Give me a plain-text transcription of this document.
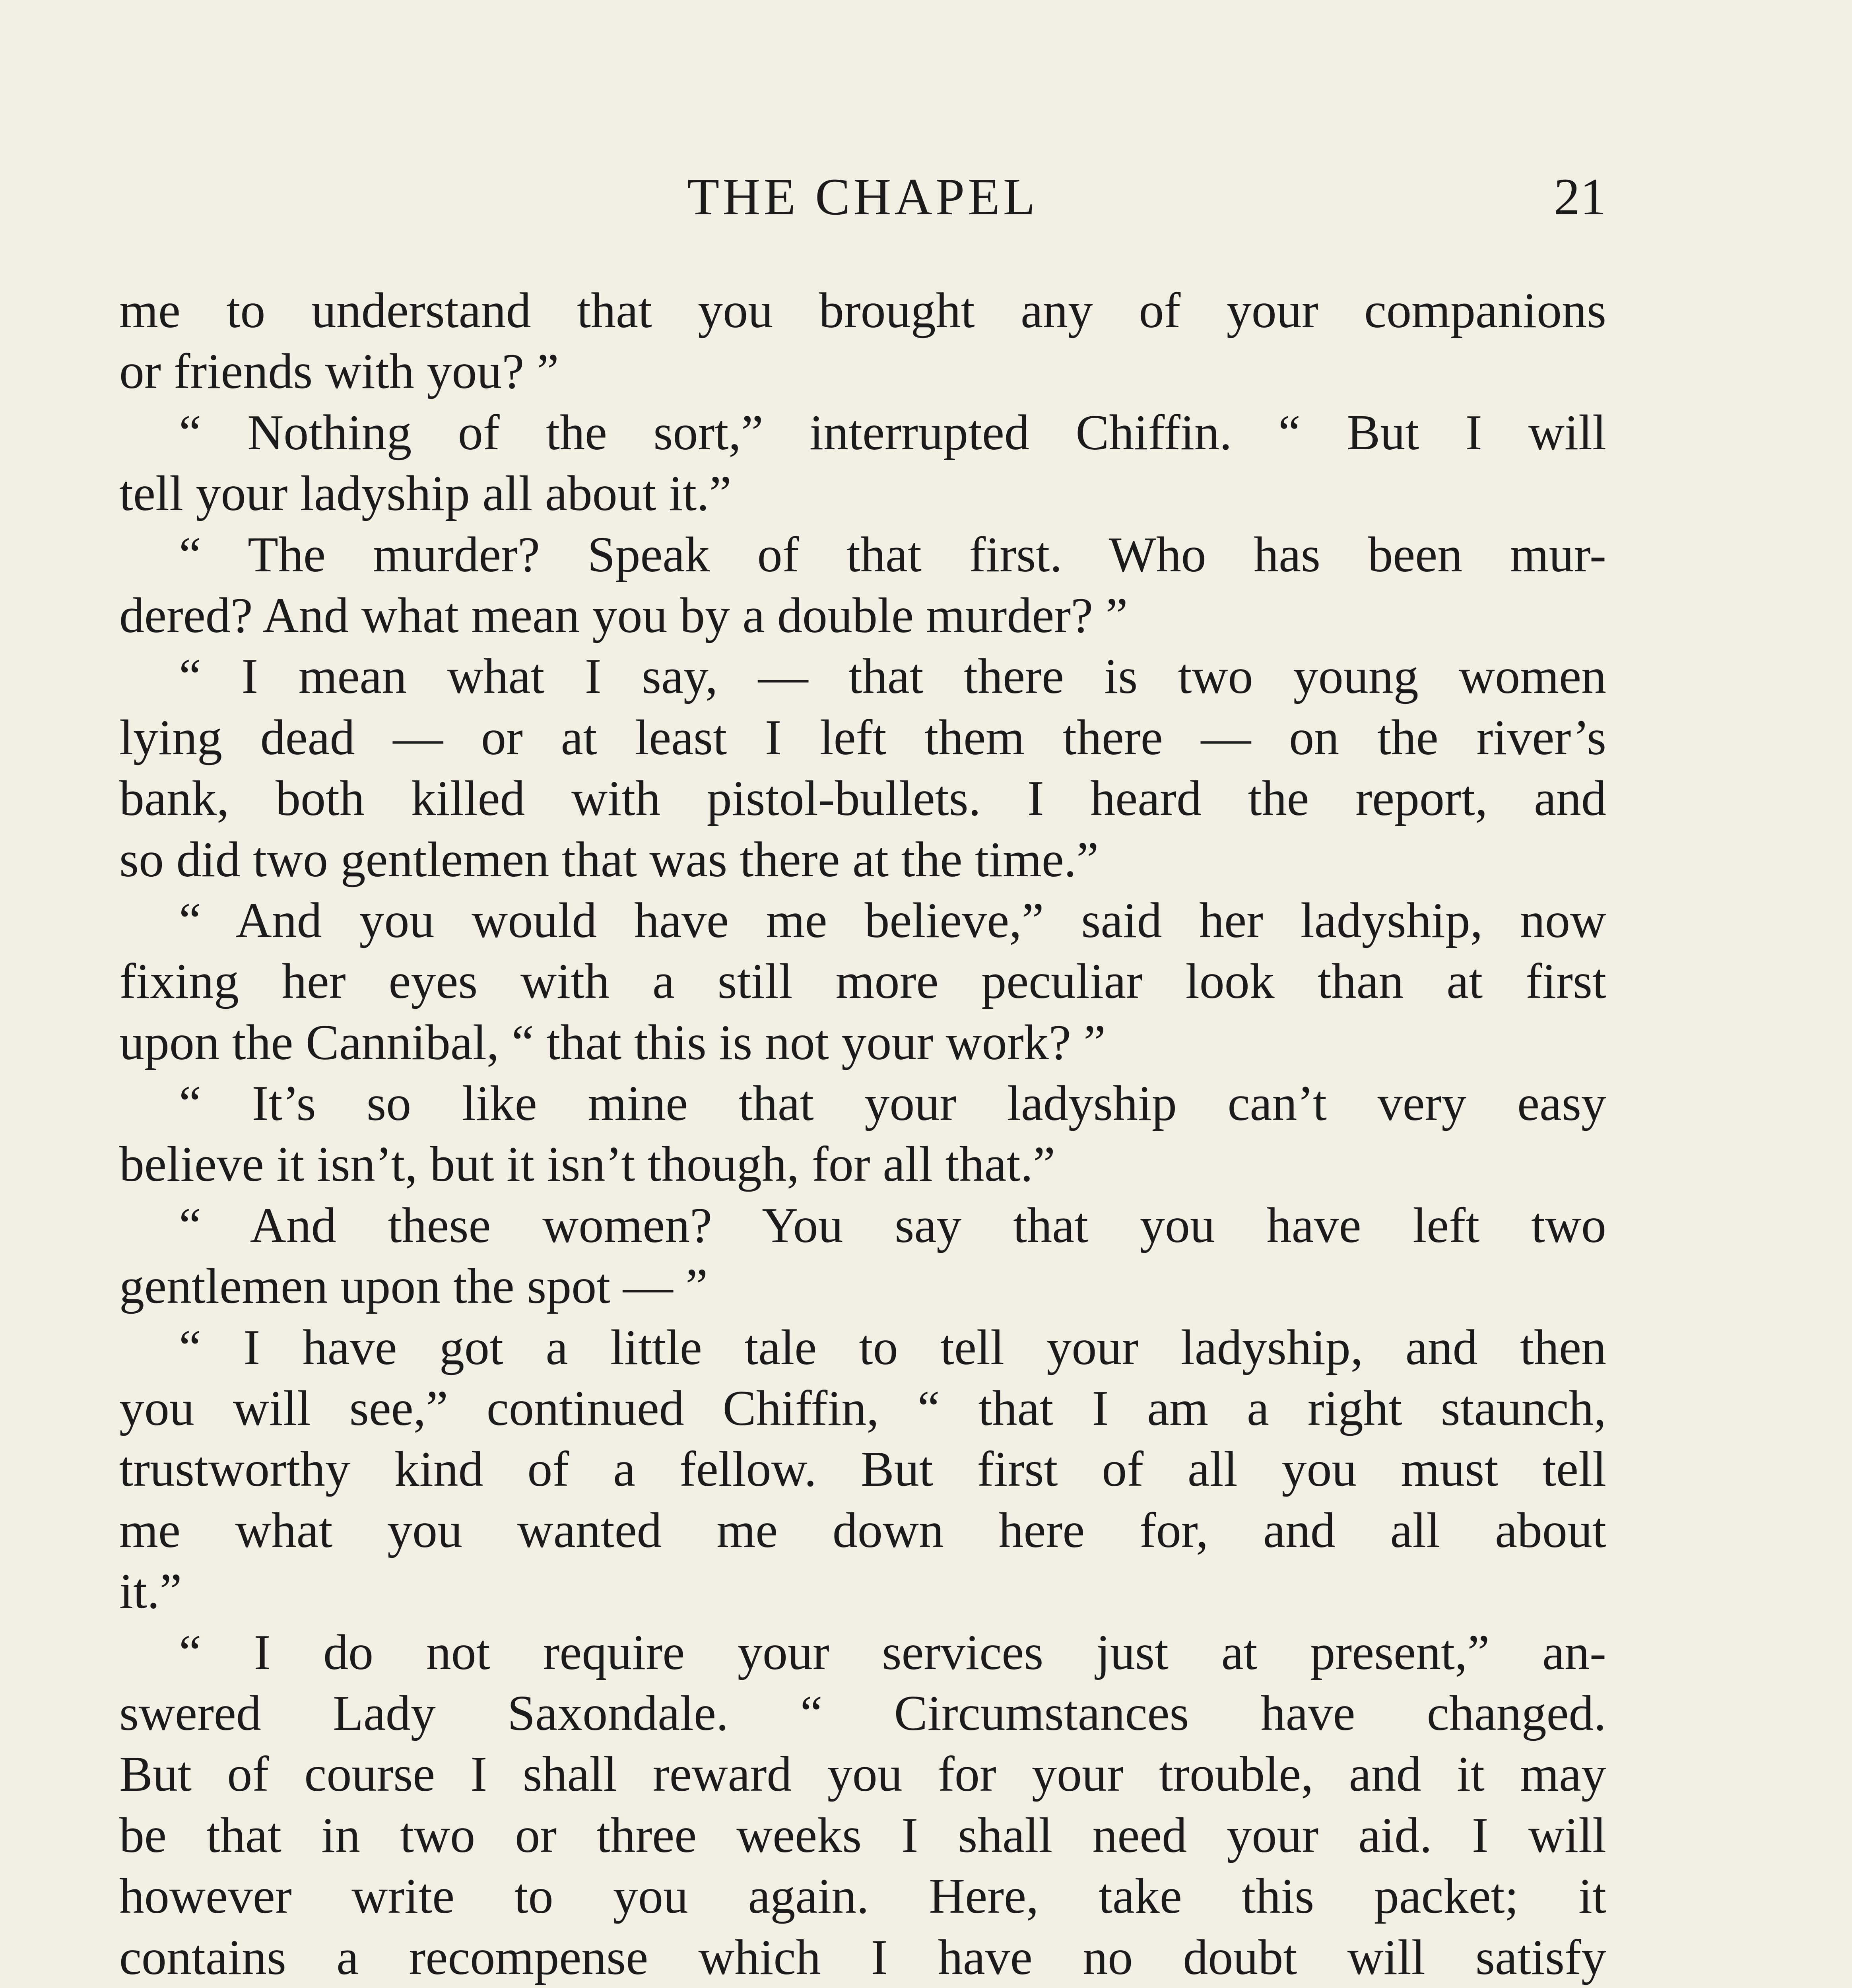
THE CHAPEL	21
me to understand that you brought any of your companions
or friends with you? ”
“ Nothing of the sort,” interrupted Chiffin. “ But I will
tell your ladyship all about it.”
“ The murder? Speak of that first. Who has been mur-
dered? And what mean you by a double murder? ”
“ I mean what I say, — that there is two young women
lying dead — or at least I left them there — on the river’s
bank, both killed with pistol-bullets. I heard the report, and
so did two gentlemen that was there at the time.”
“ And you would have me believe,” said her ladyship, now
fixing her eyes with a still more peculiar look than at first
upon the Cannibal, “ that this is not your work? ”
“ It’s so like mine that your ladyship can’t very easy
believe it isn’t, but it isn’t though, for all that.”
“ And these women? You say that you have left two
gentlemen upon the spot — ”
“ I have got a little tale to tell your ladyship, and then
you will see,” continued Chiffin, “ that I am a right staunch,
trustworthy kind of a fellow. But first of all you must tell
me what you wanted me down here for, and all about
it.”
“ I do not require your services just at present,” an-
swered Lady Saxondale. “ Circumstances have changed.
But of course I shall reward you for your trouble, and it may
be that in two or three weeks I shall need your aid. I will
however write to you again. Here, take this packet; it
contains a recompense which I have no doubt will satisfy
